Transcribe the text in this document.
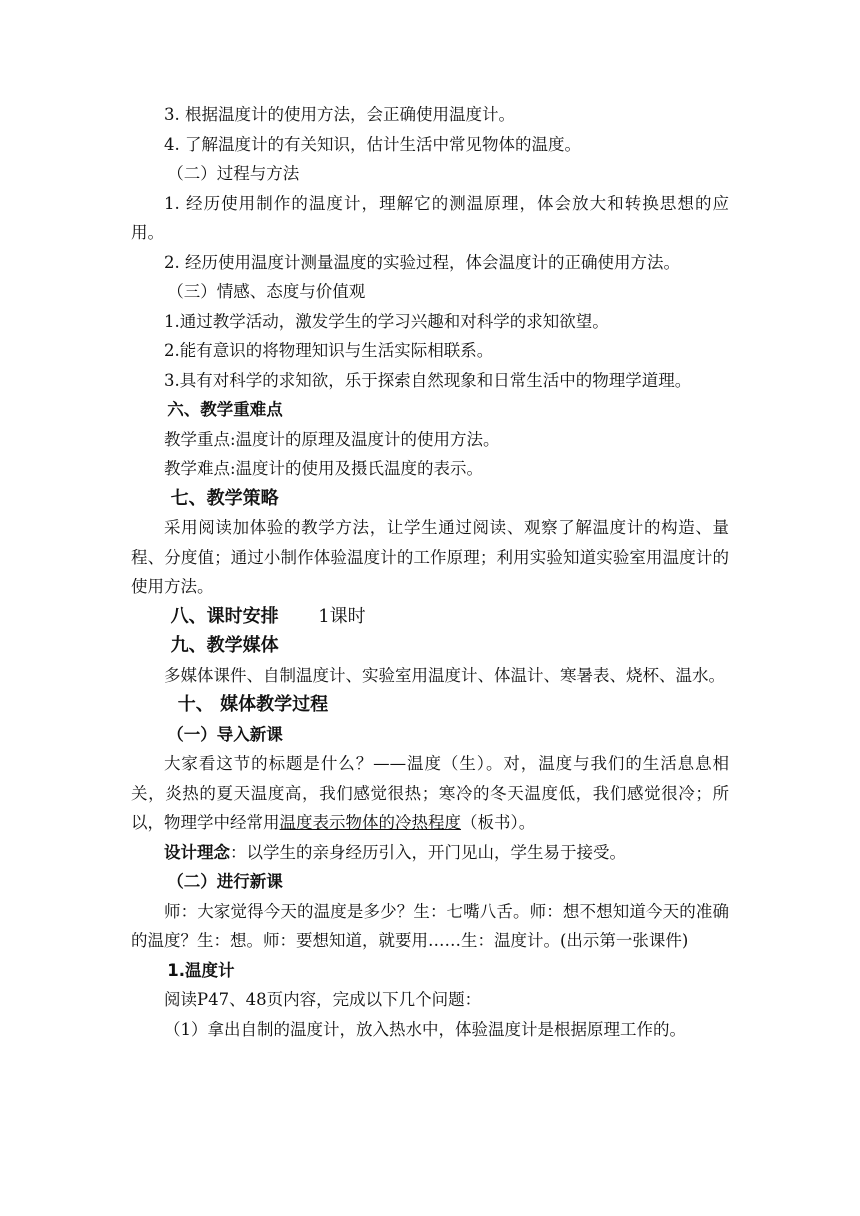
3. 根据温度计的使用方法，会正确使用温度计。

4. 了解温度计的有关知识，估计生活中常见物体的温度。

（二）过程与方法

1. 经历使用制作的温度计，理解它的测温原理，体会放大和转换思想的应用。

2. 经历使用温度计测量温度的实验过程，体会温度计的正确使用方法。

（三）情感、态度与价值观

1.通过教学活动，激发学生的学习兴趣和对科学的求知欲望。

2.能有意识的将物理知识与生活实际相联系。

3.具有对科学的求知欲，乐于探索自然现象和日常生活中的物理学道理。

六、教学重难点

教学重点:温度计的原理及温度计的使用方法。

教学难点:温度计的使用及摄氏温度的表示。

七、教学策略

采用阅读加体验的教学方法，让学生通过阅读、观察了解温度计的构造、量程、分度值；通过小制作体验温度计的工作原理；利用实验知道实验室用温度计的使用方法。

八、课时安排 1课时

九、教学媒体

多媒体课件、自制温度计、实验室用温度计、体温计、寒暑表、烧杯、温水。

十、 媒体教学过程

（一）导入新课

大家看这节的标题是什么？——温度（生）。对，温度与我们的生活息息相关，炎热的夏天温度高，我们感觉很热；寒冷的冬天温度低，我们感觉很冷；所以，物理学中经常用温度表示物体的冷热程度（板书）。

设计理念：以学生的亲身经历引入，开门见山，学生易于接受。

（二）进行新课

师：大家觉得今天的温度是多少？生：七嘴八舌。师：想不想知道今天的准确的温度？生：想。师：要想知道，就要用……生：温度计。(出示第一张课件)

1.温度计

阅读P47、48页内容，完成以下几个问题：

（1）拿出自制的温度计，放入热水中，体验温度计是根据原理工作的。
